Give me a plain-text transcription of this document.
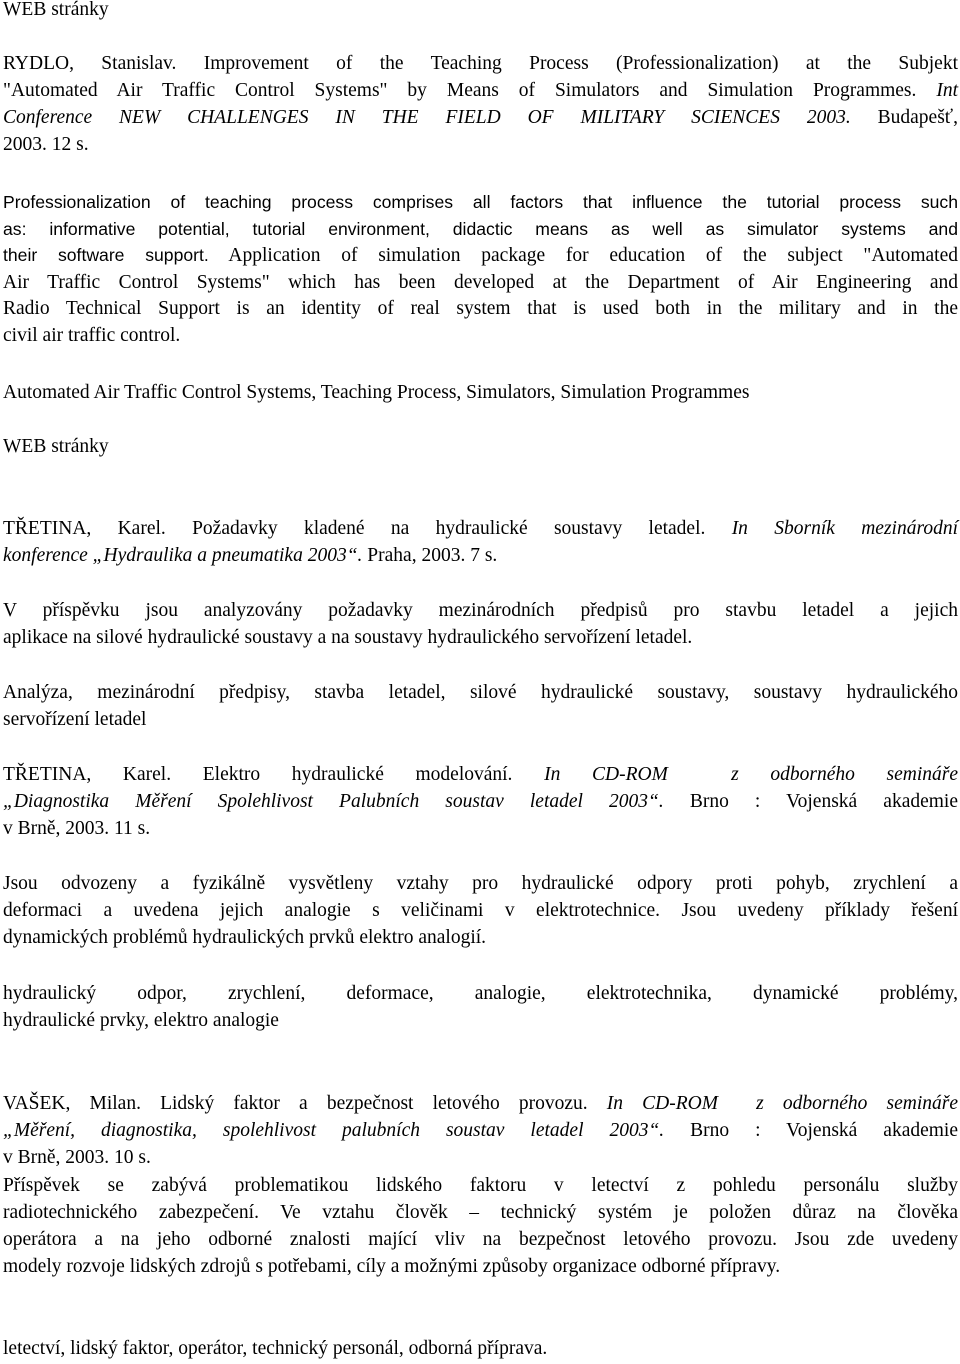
WEB stránky
RYDLO, Stanislav. Improvement of the Teaching Process (Professionalization) at the Subjekt
"Automated Air Traffic Control Systems" by Means of Simulators and Simulation Programmes. Int
Conference NEW CHALLENGES IN THE FIELD OF MILITARY SCIENCES 2003. Budapešť,
2003. 12 s.
Professionalization of teaching process comprises all factors that influence the tutorial process such
as: informative potential, tutorial environment, didactic means as well as simulator systems and
their software support. Application of simulation package for education of the subject "Automated
Air Traffic Control Systems" which has been developed at the Department of Air Engineering and
Radio Technical Support is an identity of real system that is used both in the military and in the
civil air traffic control.
Automated Air Traffic Control Systems, Teaching Process, Simulators, Simulation Programmes
WEB stránky
TŘETINA, Karel. Požadavky kladené na hydraulické soustavy letadel. In Sborník mezinárodní
konference „Hydraulika a pneumatika 2003“. Praha, 2003. 7 s.
V příspěvku jsou analyzovány požadavky mezinárodních předpisů pro stavbu letadel a jejich
aplikace na silové hydraulické soustavy a na soustavy hydraulického servořízení letadel.
Analýza, mezinárodní předpisy, stavba letadel, silové hydraulické soustavy, soustavy hydraulického
servořízení letadel
TŘETINA, Karel. Elektro hydraulické modelování. In CD-ROM  z odborného semináře
„Diagnostika Měření Spolehlivost Palubních soustav letadel 2003“. Brno : Vojenská akademie
v Brně, 2003. 11 s.
Jsou odvozeny a fyzikálně vysvětleny vztahy pro hydraulické odpory proti pohyb, zrychlení a
deformaci a uvedena jejich analogie s veličinami v elektrotechnice. Jsou uvedeny příklady řešení
dynamických problémů hydraulických prvků elektro analogií.
hydraulický odpor, zrychlení, deformace, analogie, elektrotechnika, dynamické problémy,
hydraulické prvky, elektro analogie
VAŠEK, Milan. Lidský faktor a bezpečnost letového provozu. In CD-ROM  z odborného semináře
„Měření, diagnostika, spolehlivost palubních soustav letadel 2003“. Brno : Vojenská akademie
v Brně, 2003. 10 s.
Příspěvek se zabývá problematikou lidského faktoru v letectví z pohledu personálu služby
radiotechnického zabezpečení. Ve vztahu člověk – technický systém je položen důraz na člověka
operátora a na jeho odborné znalosti mající vliv na bezpečnost letového provozu. Jsou zde uvedeny
modely rozvoje lidských zdrojů s potřebami, cíly a možnými způsoby organizace odborné přípravy.
letectví, lidský faktor, operátor, technický personál, odborná příprava.
